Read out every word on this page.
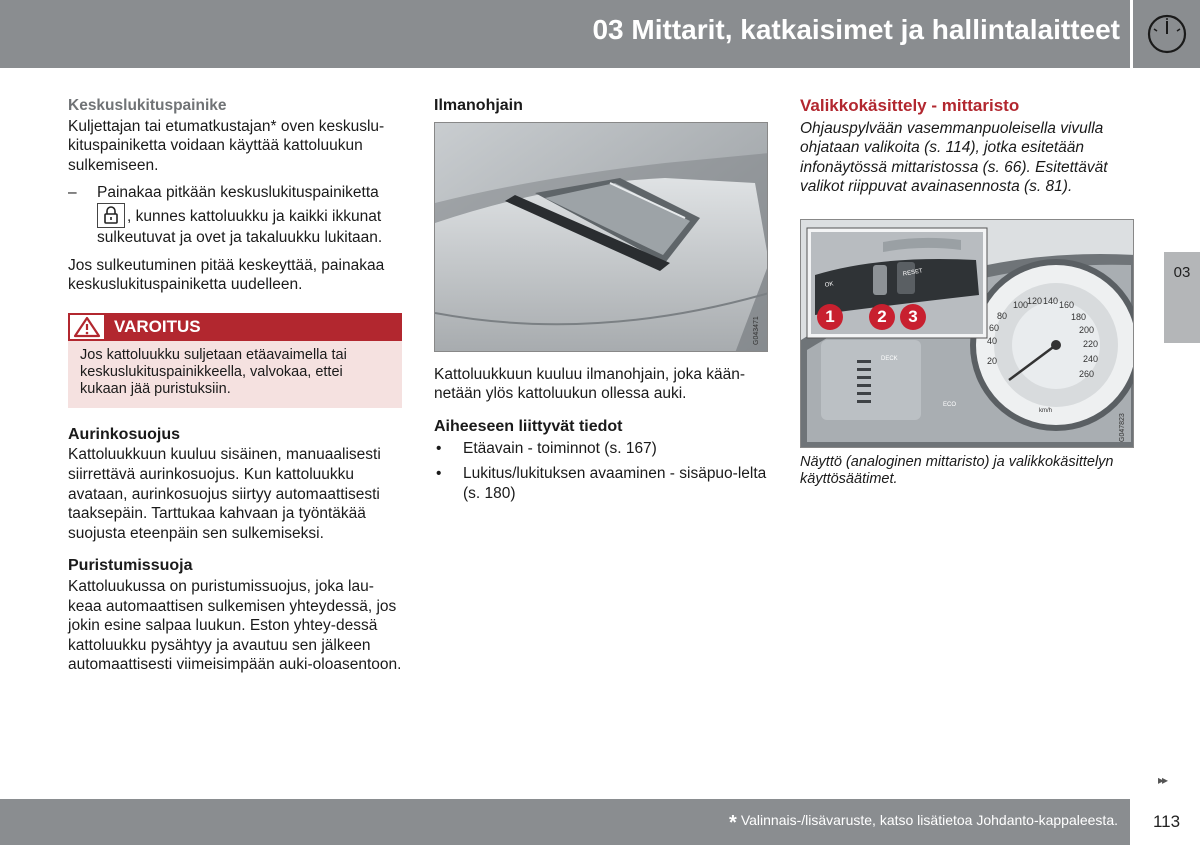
03 Mittarit, katkaisimet ja hallintalaitteet
03
Keskuslukituspainike

Kuljettajan tai etumatkustajan* oven keskuslu-kituspainiketta voidaan käyttää kattoluukun sulkemiseen.

– Painakaa pitkään keskuslukituspainiketta
, kunnes kattoluukku ja kaikki ikkunat sulkeutuvat ja ovet ja takaluukku lukitaan.

Jos sulkeutuminen pitää keskeyttää, painakaa keskuslukituspainiketta uudelleen.

VAROITUS
Jos kattoluukku suljetaan etäavaimella tai keskuslukituspainikkeella, valvokaa, ettei kukaan jää puristuksiin.
Aurinkosuojus

Kattoluukkuun kuuluu sisäinen, manuaalisesti siirrettävä aurinkosuojus. Kun kattoluukku avataan, aurinkosuojus siirtyy automaattisesti taaksepäin. Tarttukaa kahvaan ja työntäkää suojusta eteenpäin sen sulkemiseksi.

Puristumissuoja

Kattoluukussa on puristumissuojus, joka lau-keaa automaattisen sulkemisen yhteydessä, jos jokin esine salpaa luukun. Eston yhtey-dessä kattoluukku pysähtyy ja avautuu sen jälkeen automaattisesti viimeisimpään auki-oloasentoon.

Ilmanohjain
G043471

Kattoluukkuun kuuluu ilmanohjain, joka kään-netään ylös kattoluukun ollessa auki.

Aiheeseen liittyvät tiedot
• Etäavain - toiminnot (s. 167)
• Lukitus/lukituksen avaaminen - sisäpuo-lelta (s. 180)
Valikkokäsittely - mittaristo

Ohjauspylvään vasemmanpuoleisella vivulla ohjataan valikoita (s. 114), jotka esitetään infonäytössä mittaristossa (s. 66). Esitettävät valikot riippuvat avainasennosta (s. 81).

OK
RESET
ECO
DECK	20
40
60
80
100
120 140 160
180
200
220
240
260
km/h
1	2	3
G047823

Näyttö (analoginen mittaristo) ja valikkokäsittelyn käyttösäätimet.

▸▸
* Valinnais-/lisävaruste, katso lisätietoa Johdanto-kappaleesta.	113
